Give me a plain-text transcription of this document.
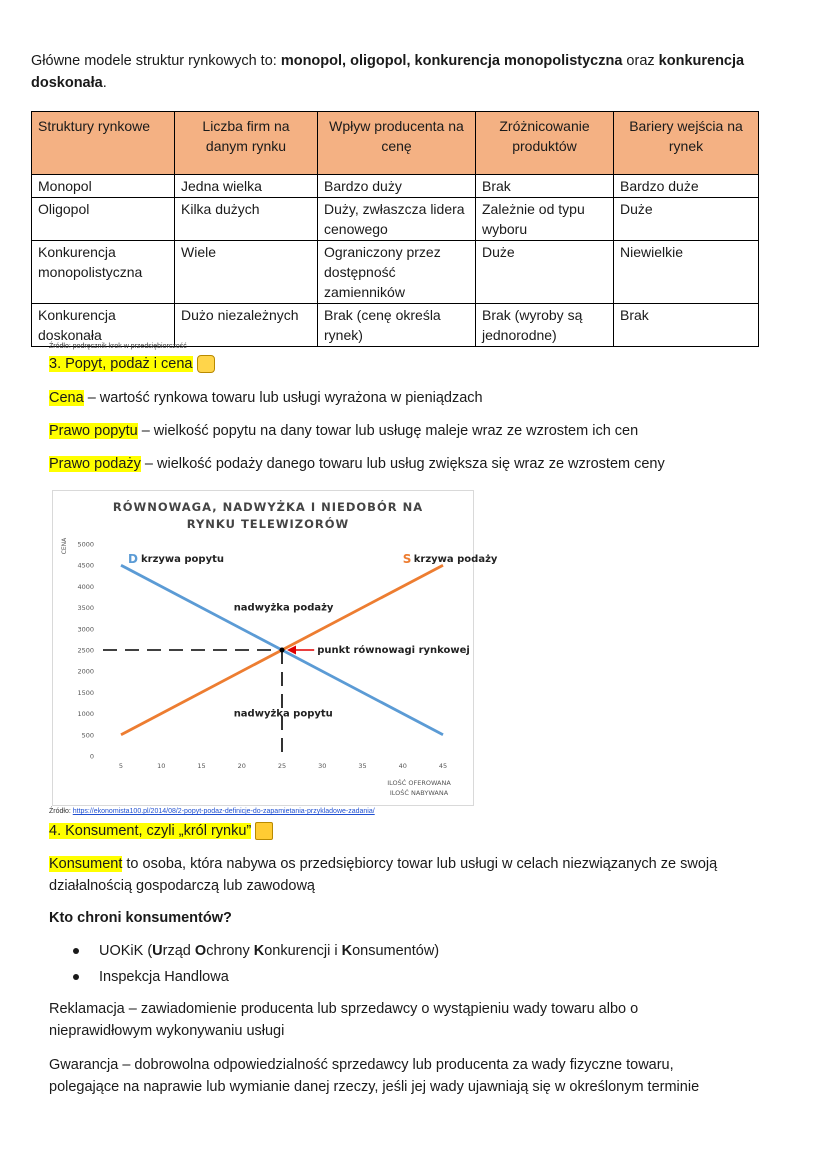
Główne modele struktur rynkowych to: monopol, oligopol, konkurencja monopolistyczna oraz konkurencja doskonała.
Struktury rynkowe	Liczba firm na danym rynku	Wpływ producenta na cenę	Zróżnicowanie produktów	Bariery wejścia na rynek
Monopol	Jedna wielka	Bardzo duży	Brak	Bardzo duże
Oligopol	Kilka dużych	Duży, zwłaszcza lidera cenowego	Zależnie od typu wyboru	Duże
Konkurencja monopolistyczna	Wiele	Ograniczony przez dostępność zamienników	Duże	Niewielkie
Konkurencja doskonała	Dużo niezależnych	Brak (cenę określa rynek)	Brak (wyroby są jednorodne)	Brak
Źródło: podręcznik krok w przedsiębiorczość
3. Popyt, podaż i cena
Cena – wartość rynkowa towaru lub usługi wyrażona w pieniądzach
Prawo popytu – wielkość popytu na dany towar lub usługę maleje wraz ze wzrostem ich cen
Prawo podaży – wielkość podaży danego towaru lub usług zwiększa się wraz ze wzrostem ceny
RÓWNOWAGA, NADWYŻKA I NIEDOBÓR NA
RYNKU TELEWIZORÓW
CENA
0
500
1000
1500
2000
2500
3000
3500
4000
4500
5000
5	10	15	20	25	30	35	40	45
D krzywa popytu	S krzywa podaży
nadwyżka podaży
nadwyżka popytu
punkt równowagi rynkowej
ILOŚĆ OFEROWANA
ILOŚĆ NABYWANA
Źródło: https://ekonomista100.pl/2014/08/2-popyt-podaz-definicje-do-zapamietania-przykladowe-zadania/
4. Konsument, czyli „król rynku”
Konsument to osoba, która nabywa os przedsiębiorcy towar lub usługi w celach niezwiązanych ze swoją
działalnością gospodarczą lub zawodową
Kto chroni konsumentów?
UOKiK (Urząd Ochrony Konkurencji i Konsumentów)
Inspekcja Handlowa
Reklamacja – zawiadomienie producenta lub sprzedawcy o wystąpieniu wady towaru albo o
nieprawidłowym wykonywaniu usługi
Gwarancja – dobrowolna odpowiedzialność sprzedawcy lub producenta za wady fizyczne towaru,
polegające na naprawie lub wymianie danej rzeczy, jeśli jej wady ujawniają się w określonym terminie
